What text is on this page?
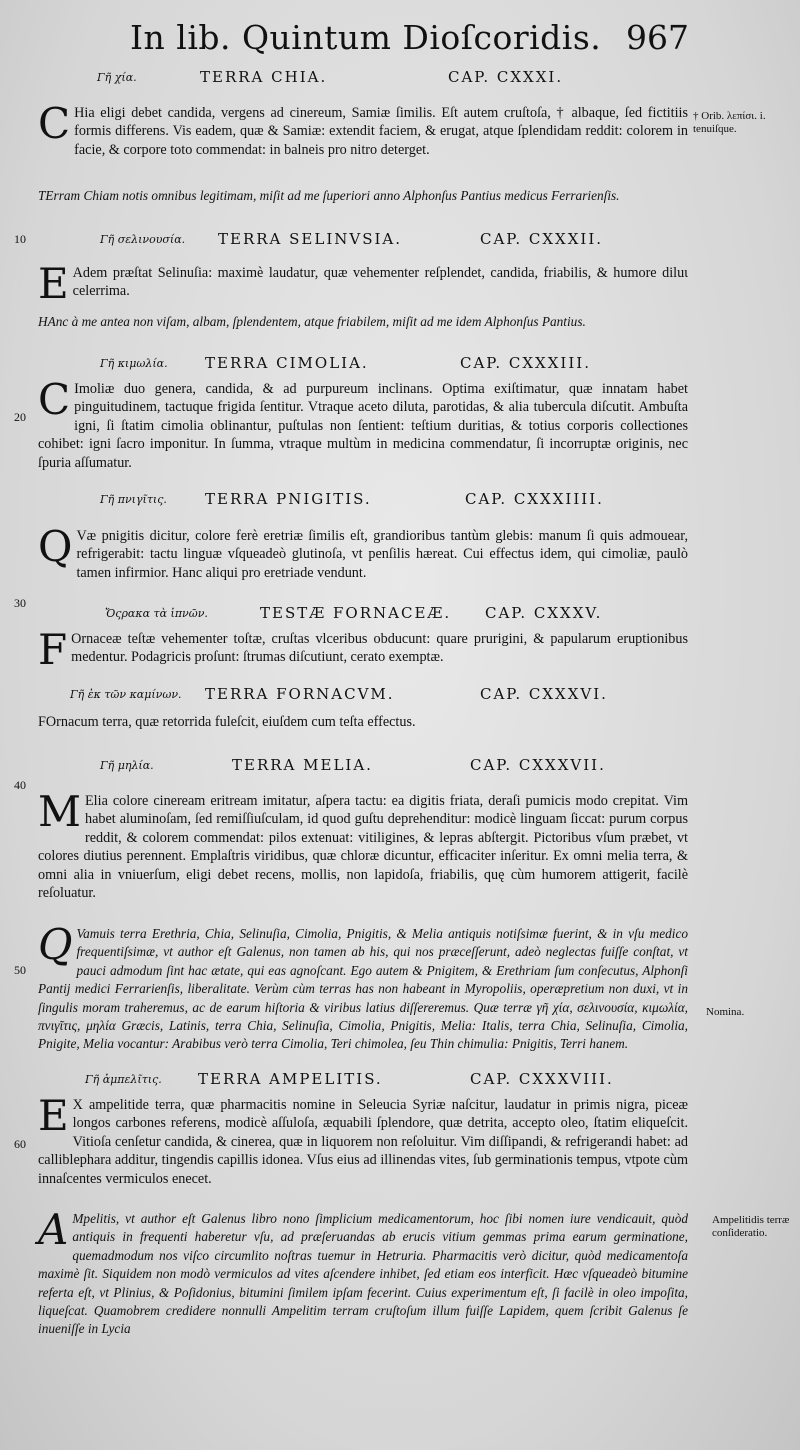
In lib. Quintum Dioſcoridis. 967
Γῆ χία.	TERRA CHIA.	CAP. CXXXI.
C Hia eligi debet candida, vergens ad cinereum, Samiæ ſimilis. Eſt autem cruſtoſa, † albaque, ſed fictitiis formis differens. Vis eadem, quæ & Samiæ: extendit faciem, & erugat, atque ſplendidam reddit: colorem in facie, & corpore toto commendat: in balneis pro nitro deterget.
TErram Chiam notis omnibus legitimam, miſit ad me ſuperiori anno Alphonſus Pantius medicus Ferrarienſis.
Γῆ σελινουσία. TERRA SELINVSIA.	CAP. CXXXII.
E Adem præſtat Selinuſia: maximè laudatur, quæ vehementer reſplendet, candida, friabilis, & humore diluι celerrima.
HAnc à me antea non viſam, albam, ſplendentem, atque friabilem, miſit ad me idem Alphonſus Pantius.
Γῆ κιμωλία. TERRA CIMOLIA.	CAP. CXXXIII.
C Imoliæ duo genera, candida, & ad purpureum inclinans. Optima exiſtimatur, quæ innatam habet pinguitudinem, tactuque frigida ſentitur. Vtraque aceto diluta, parotidas, & alia tubercula diſcutit. Ambuſta igni, ſi ſtatim cimolia oblinantur, puſtulas non ſentient: teſtium duritias, & totius corporis collectiones cohibet: igni ſacro imponitur. In ſumma, vtraque multùm in medicina commendatur, ſi incorruptæ originis, nec ſpuria aſſumatur.
Γῆ πνιγῖτις.	TERRA PNIGITIS.	CAP. CXXXIIII.
Q Væ pnigitis dicitur, colore ferè eretriæ ſimilis eſt, grandioribus tantùm glebis: manum ſi quis admouear, refrigerabit: tactu linguæ vſqueadeò glutinoſa, vt penſilis hæreat. Cui effectus idem, qui cimoliæ, paulò tamen infirmior. Hanc aliqui pro eretriade vendunt.
Ὄςρακα τὰ ἰπνῶν.	TESTÆ FORNACEÆ. CAP. CXXXV.
F Ornaceæ teſtæ vehementer toſtæ, cruſtas vlceribus obducunt: quare prurigini, & papularum eruptionibus medentur. Podagricis proſunt: ſtrumas diſcutiunt, cerato exemptæ.
Γῆ ἐκ τῶν καμίνων. TERRA FORNACVM.	CAP. CXXXVI.
FOrnacum terra, quæ retorrida fuleſcit, eiuſdem cum teſta effectus.
Γῆ μηλία.	TERRA MELIA.	CAP. CXXXVII.
M Elia colore cineream eritream imitatur, aſpera tactu: ea digitis friata, deraſi pumicis modo crepitat. Vim habet aluminoſam, ſed remiſſiuſculam, id quod guſtu deprehenditur: modicè linguam ſiccat: purum corpus reddit, & colorem commendat: pilos extenuat: vitiligines, & lepras abſtergit. Pictoribus vſum præbet, vt colores diutius perennent. Emplaſtris viridibus, quæ chloræ dicuntur, efficaciter inſeritur. Ex omni melia terra, & omni alia in vniuerſum, eligi debet recens, mollis, non lapidoſa, friabilis, quę cùm humorem attigerit, facilè reſoluatur.
Q Vamuis terra Erethria, Chia, Selinuſia, Cimolia, Pnigitis, & Melia antiquis notiſsimæ fuerint, & in vſu medico frequentiſsimæ, vt author eſt Galenus, non tamen ab his, qui nos præceſſerunt, adeò neglectas fuiſſe conſtat, vt pauci admodum ſint hac ætate, qui eas agnoſcant. Ego autem & Pnigitem, & Erethriam ſum conſecutus, Alphonſi Pantij medici Ferrarienſis, liberalitate. Verùm cùm terras has non habeant in Myropoliis, operæpretium non duxi, vt in ſingulis moram traheremus, ac de earum hiſtoria & viribus latius diſſereremus. Quæ terræ γῆ χία, σελινουσία, κιμωλία, πνιγῖτις, μηλία Græcis, Latinis, terra Chia, Selinuſia, Cimolia, Pnigitis, Melia: Italis, terra Chia, Selinuſia, Cimolia, Pnigite, Melia vocantur: Arabibus verò terra Cimolia, Teri chimolea, ſeu Thin chimulia: Pnigitis, Terri hanem.
Γῆ ἀμπελῖτις. TERRA AMPELITIS.	CAP. CXXXVIII.
E X ampelitide terra, quæ pharmacitis nomine in Seleucia Syriæ naſcitur, laudatur in primis nigra, piceæ longos carbones referens, modicè aſſuloſa, æquabili ſplendore, quæ detrita, accepto oleo, ſtatim eliqueſcit. Vitioſa cenſetur candida, & cinerea, quæ in liquorem non reſoluitur. Vim diſſipandi, & refrigerandi habet: ad calliblephara additur, tingendis capillis idonea. Vſus eius ad illinendas vites, ſub germinationis tempus, vtpote cùm innaſcentes vermiculos enecet.
A Mpelitis, vt author eſt Galenus libro nono ſimplicium medicamentorum, hoc ſibi nomen iure vendicauit, quòd antiquis in frequenti haberetur vſu, ad præſeruandas ab erucis vitium gemmas prima earum germinatione, quemadmodum nos viſco circumlito noſtras tuemur in Hetruria. Pharmacitis verò dicitur, quòd medicamentoſa maximè ſit. Siquidem non modò vermiculos ad vites aſcendere inhibet, ſed etiam eos interficit. Hæc vſqueadeò bitumine referta eſt, vt Plinius, & Poſidonius, bitumini ſimilem ipſam fecerint. Cuius experimentum eſt, ſi facilè in oleo impoſita, liqueſcat. Quamobrem credidere nonnulli Ampelitim terram cruſtoſum illum fuiſſe Lapidem, quem ſcribit Galenus ſe inueniſſe in Lycia
10
20
30
40
50
60
† Orib. λεπίσι. i. tenuiſque.
Nomina.
Ampelitidis terræ conſideratio.
